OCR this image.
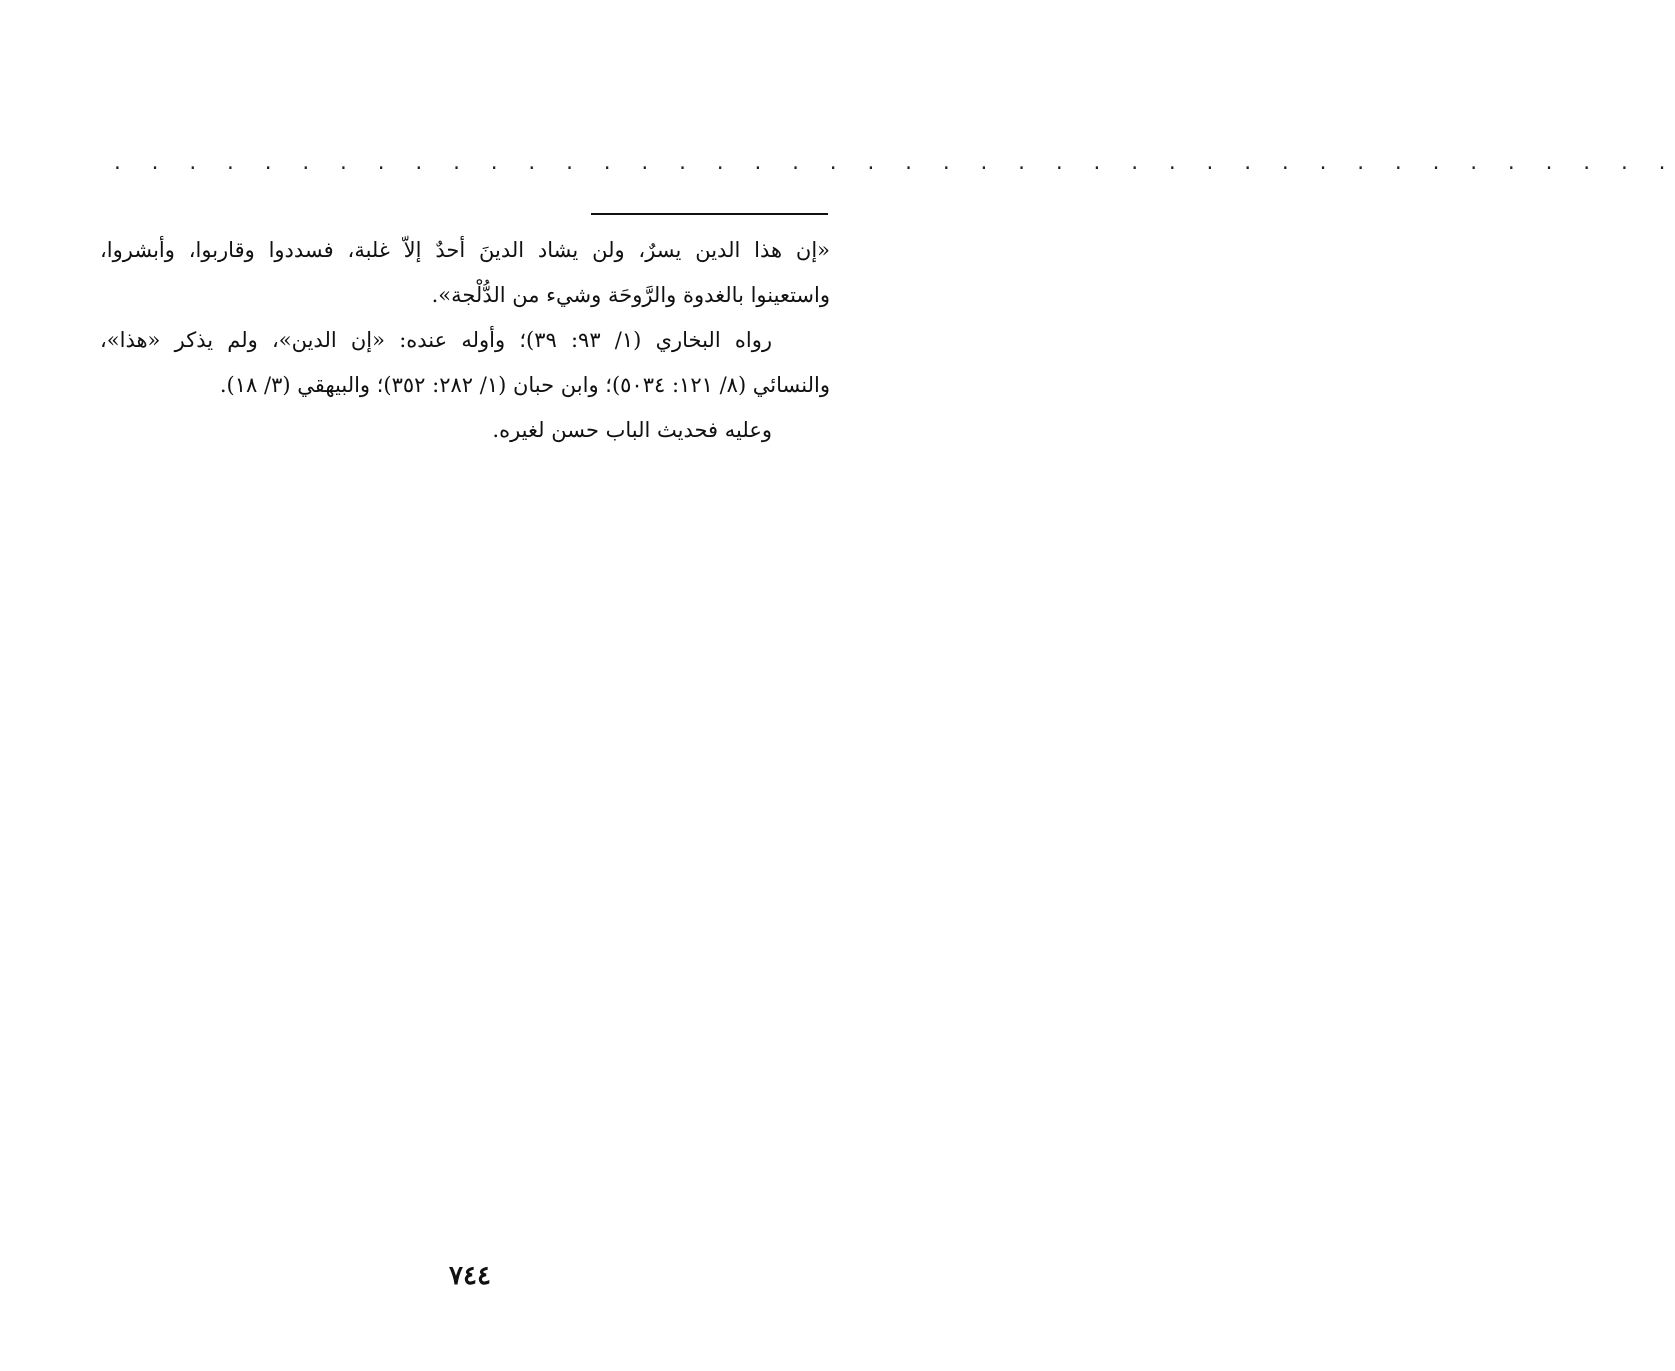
. . . . . . . . . . . . . . . . . . . . . . . . . . . . . . . . . . . . . . . . . .

«إن هذا الدين يسرٌ، ولن يشاد الدينَ أحدٌ إلاّ غلبة، فسددوا وقاربوا، وأبشروا، واستعينوا بالغدوة والرَّوحَة وشيء من الدُّلْجة».

رواه البخاري (١/ ٩٣: ٣٩)؛ وأوله عنده: «إن الدين»، ولم يذكر «هذا»، والنسائي (٨/ ١٢١: ٥٠٣٤)؛ وابن حبان (١/ ٢٨٢: ٣٥٢)؛ والبيهقي (٣/ ١٨).

وعليه فحديث الباب حسن لغيره.

٧٤٤
